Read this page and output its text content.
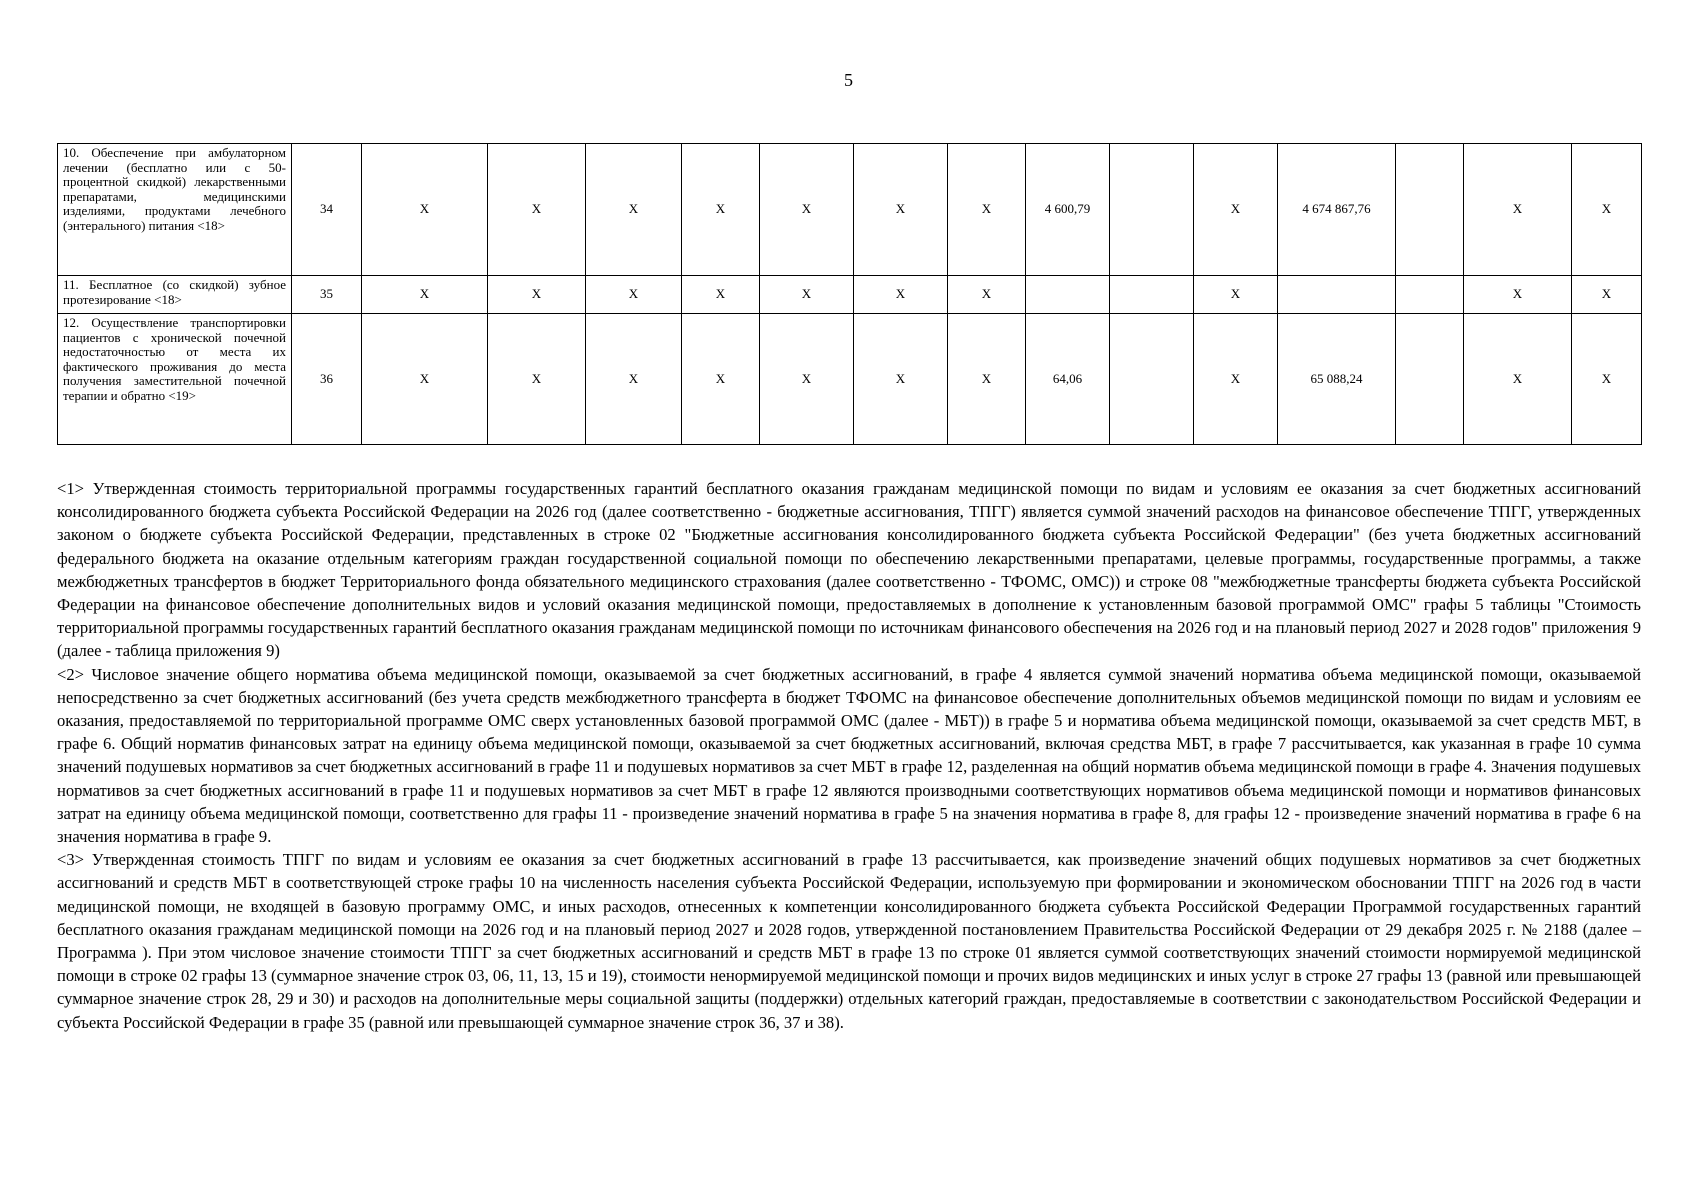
5
10. Обеспечение при амбулаторном лечении (бесплатно или с 50-процентной скидкой) лекарственными препаратами, медицинскими изделиями, продуктами лечебного (энтерального) питания <18>	34	X	X	X	X	X	X	X	4 600,79		X	4 674 867,76		X	X
11. Бесплатное (со скидкой) зубное протезирование <18>	35	X	X	X	X	X	X	X			X			X	X
12. Осуществление транспортировки пациентов с хронической почечной недостаточностью от места их фактического проживания до места получения заместительной почечной терапии и обратно <19>	36	X	X	X	X	X	X	X	64,06		X	65 088,24		X	X

<1> Утвержденная стоимость территориальной программы государственных гарантий бесплатного оказания гражданам медицинской помощи по видам и условиям ее оказания за счет бюджетных ассигнований консолидированного бюджета субъекта Российской Федерации на 2026 год (далее соответственно - бюджетные ассигнования, ТПГГ) является суммой значений расходов на финансовое обеспечение ТПГГ, утвержденных законом о бюджете субъекта Российской Федерации, представленных в строке 02 "Бюджетные ассигнования консолидированного бюджета субъекта Российской Федерации" (без учета бюджетных ассигнований федерального бюджета на оказание отдельным категориям граждан государственной социальной помощи по обеспечению лекарственными препаратами, целевые программы, государственные программы, а также межбюджетных трансфертов в бюджет Территориального фонда обязательного медицинского страхования (далее соответственно - ТФОМС, ОМС)) и строке 08 "межбюджетные трансферты бюджета субъекта Российской Федерации на финансовое обеспечение дополнительных видов и условий оказания медицинской помощи, предоставляемых в дополнение к установленным базовой программой ОМС" графы 5 таблицы "Стоимость территориальной программы государственных гарантий бесплатного оказания гражданам медицинской помощи по источникам финансового обеспечения на 2026 год и на плановый период 2027 и 2028 годов" приложения 9 (далее - таблица приложения 9)

<2> Числовое значение общего норматива объема медицинской помощи, оказываемой за счет бюджетных ассигнований, в графе 4 является суммой значений норматива объема медицинской помощи, оказываемой непосредственно за счет бюджетных ассигнований (без учета средств межбюджетного трансферта в бюджет ТФОМС на финансовое обеспечение дополнительных объемов медицинской помощи по видам и условиям ее оказания, предоставляемой по территориальной программе ОМС сверх установленных базовой программой ОМС (далее - МБТ)) в графе 5 и норматива объема медицинской помощи, оказываемой за счет средств МБТ, в графе 6. Общий норматив финансовых затрат на единицу объема медицинской помощи, оказываемой за счет бюджетных ассигнований, включая средства МБТ, в графе 7 рассчитывается, как указанная в графе 10 сумма значений подушевых нормативов за счет бюджетных ассигнований в графе 11 и подушевых нормативов за счет МБТ в графе 12, разделенная на общий норматив объема медицинской помощи в графе 4. Значения подушевых нормативов за счет бюджетных ассигнований в графе 11 и подушевых нормативов за счет МБТ в графе 12 являются производными соответствующих нормативов объема медицинской помощи и нормативов финансовых затрат на единицу объема медицинской помощи, соответственно для графы 11 - произведение значений норматива в графе 5 на значения норматива в графе 8, для графы 12 - произведение значений норматива в графе 6 на значения норматива в графе 9.

<3> Утвержденная стоимость ТПГГ по видам и условиям ее оказания за счет бюджетных ассигнований в графе 13 рассчитывается, как произведение значений общих подушевых нормативов за счет бюджетных ассигнований и средств МБТ в соответствующей строке графы 10 на численность населения субъекта Российской Федерации, используемую при формировании и экономическом обосновании ТПГГ на 2026 год в части медицинской помощи, не входящей в базовую программу ОМС, и иных расходов, отнесенных к компетенции консолидированного бюджета субъекта Российской Федерации Программой государственных гарантий бесплатного оказания гражданам медицинской помощи на 2026 год и на плановый период 2027 и 2028 годов, утвержденной постановлением Правительства Российской Федерации от 29 декабря 2025 г. № 2188 (далее – Программа ). При этом числовое значение стоимости ТПГГ за счет бюджетных ассигнований и средств МБТ в графе 13 по строке 01 является суммой соответствующих значений стоимости нормируемой медицинской помощи в строке 02 графы 13 (суммарное значение строк 03, 06, 11, 13, 15 и 19), стоимости ненормируемой медицинской помощи и прочих видов медицинских и иных услуг в строке 27 графы 13 (равной или превышающей суммарное значение строк 28, 29 и 30) и расходов на дополнительные меры социальной защиты (поддержки) отдельных категорий граждан, предоставляемые в соответствии с законодательством Российской Федерации и субъекта Российской Федерации в графе 35 (равной или превышающей суммарное значение строк 36, 37 и 38).
